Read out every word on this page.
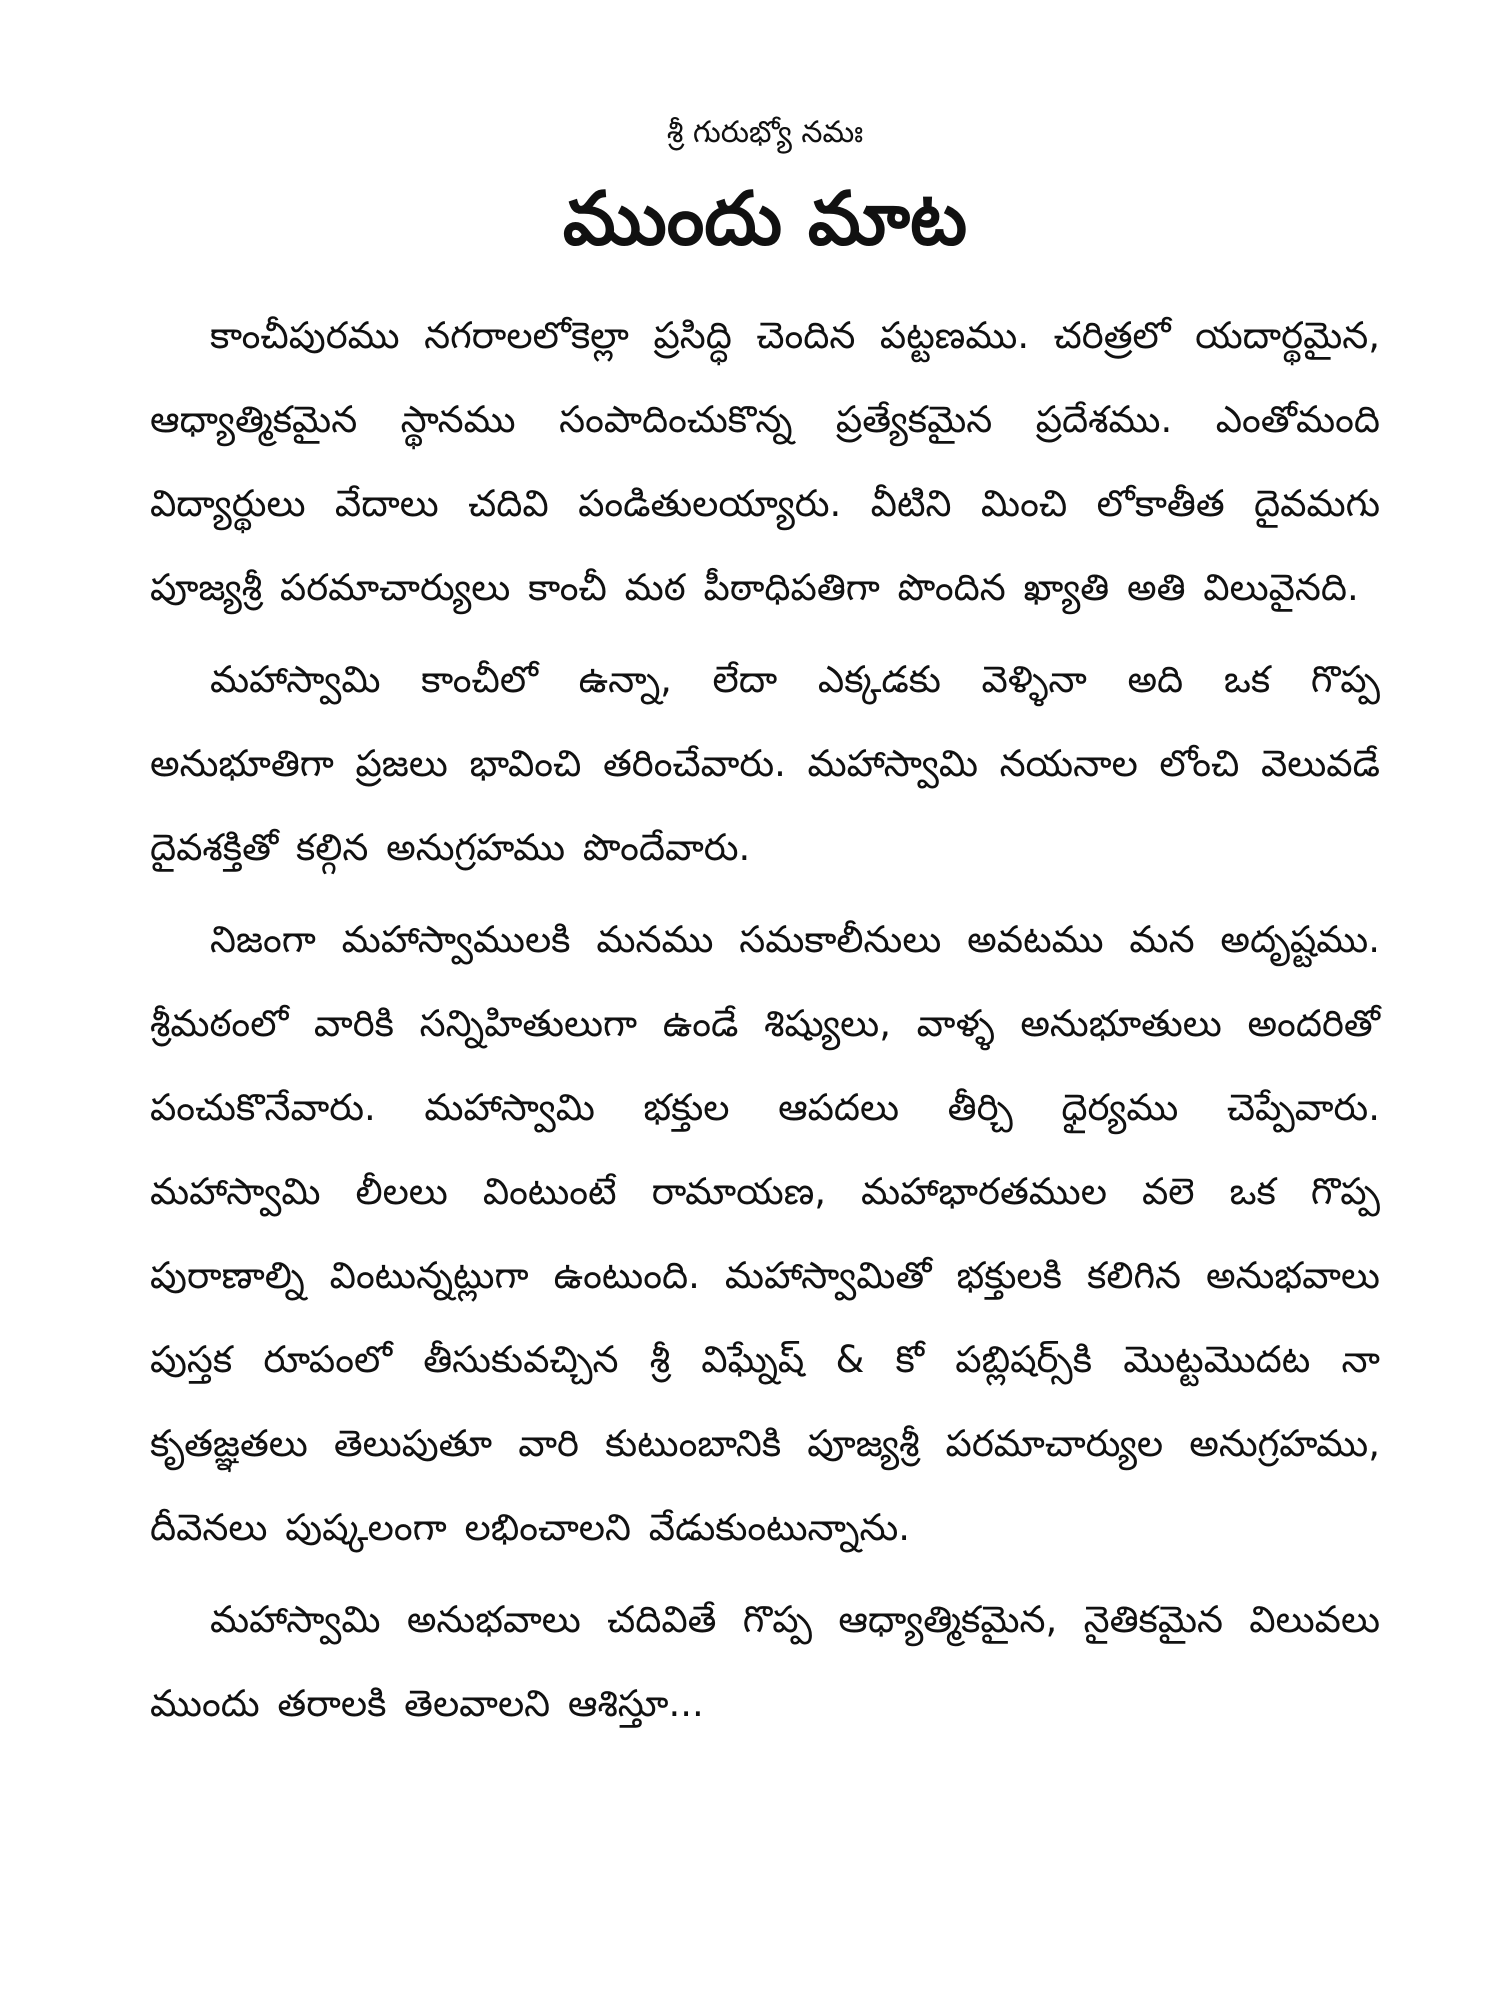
శ్రీ గురుభ్యో నమః
ముందు మాట

కాంచీపురము నగరాలలోకెల్లా ప్రసిద్ధి చెందిన పట్టణము. చరిత్రలో యదార్థమైన, ఆధ్యాత్మికమైన స్థానము సంపాదించుకొన్న ప్రత్యేకమైన ప్రదేశము. ఎంతోమంది విద్యార్థులు వేదాలు చదివి పండితులయ్యారు. వీటిని మించి లోకాతీత దైవమగు పూజ్యశ్రీ పరమాచార్యులు కాంచీ మఠ పీఠాధిపతిగా పొందిన ఖ్యాతి అతి విలువైనది.

మహాస్వామి కాంచీలో ఉన్నా, లేదా ఎక్కడకు వెళ్ళినా అది ఒక గొప్ప అనుభూతిగా ప్రజలు భావించి తరించేవారు. మహాస్వామి నయనాల లోంచి వెలువడే దైవశక్తితో కల్గిన అనుగ్రహము పొందేవారు.

నిజంగా మహాస్వాములకి మనము సమకాలీనులు అవటము మన అదృష్టము. శ్రీమఠంలో వారికి సన్నిహితులుగా ఉండే శిష్యులు, వాళ్ళ అనుభూతులు అందరితో పంచుకొనేవారు. మహాస్వామి భక్తుల ఆపదలు తీర్చి ధైర్యము చెప్పేవారు. మహాస్వామి లీలలు వింటుంటే రామాయణ, మహాభారతముల వలె ఒక గొప్ప పురాణాల్ని వింటున్నట్లుగా ఉంటుంది. మహాస్వామితో భక్తులకి కలిగిన అనుభవాలు పుస్తక రూపంలో తీసుకువచ్చిన శ్రీ విఘ్నేష్ & కో పబ్లిషర్స్‌కి మొట్టమొదట నా కృతజ్ఞతలు తెలుపుతూ వారి కుటుంబానికి పూజ్యశ్రీ పరమాచార్యుల అనుగ్రహము, దీవెనలు పుష్కలంగా లభించాలని వేడుకుంటున్నాను.

మహాస్వామి అనుభవాలు చదివితే గొప్ప ఆధ్యాత్మికమైన, నైతికమైన విలువలు ముందు తరాలకి తెలవాలని ఆశిస్తూ...
